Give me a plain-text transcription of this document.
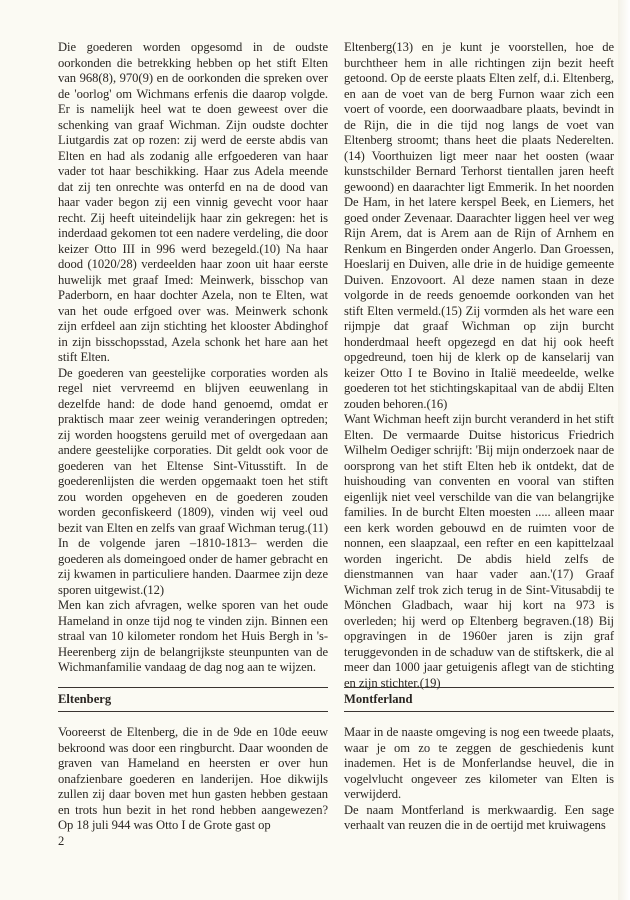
Die goederen worden opgesomd in de oudste oorkonden die betrekking hebben op het stift Elten van 968(8), 970(9) en de oorkonden die spreken over de 'oorlog' om Wichmans erfenis die daarop volgde. Er is namelijk heel wat te doen geweest over die schenking van graaf Wichman. Zijn oudste dochter Liutgardis zat op rozen: zij werd de eerste abdis van Elten en had als zodanig alle erfgoederen van haar vader tot haar beschikking. Haar zus Adela meende dat zij ten onrechte was onterfd en na de dood van haar vader begon zij een vinnig gevecht voor haar recht. Zij heeft uiteindelijk haar zin gekregen: het is inderdaad gekomen tot een nadere verdeling, die door keizer Otto III in 996 werd bezegeld.(10) Na haar dood (1020/28) verdeelden haar zoon uit haar eerste huwelijk met graaf Imed: Meinwerk, bisschop van Paderborn, en haar dochter Azela, non te Elten, wat van het oude erfgoed over was. Meinwerk schonk zijn erfdeel aan zijn stichting het klooster Abdinghof in zijn bisschopsstad, Azela schonk het hare aan het stift Elten.

De goederen van geestelijke corporaties worden als regel niet vervreemd en blijven eeuwenlang in dezelfde hand: de dode hand genoemd, omdat er praktisch maar zeer weinig veranderingen optreden; zij worden hoogstens geruild met of overgedaan aan andere geestelijke corporaties. Dit geldt ook voor de goederen van het Eltense Sint-Vitusstift. In de goederenlijsten die werden opgemaakt toen het stift zou worden opgeheven en de goederen zouden worden geconfiskeerd (1809), vinden wij veel oud bezit van Elten en zelfs van graaf Wichman terug.(11) In de volgende jaren –1810-1813– werden die goederen als domeingoed onder de hamer gebracht en zij kwamen in particuliere handen. Daarmee zijn deze sporen uitgewist.(12)

Men kan zich afvragen, welke sporen van het oude Hameland in onze tijd nog te vinden zijn. Binnen een straal van 10 kilometer rondom het Huis Bergh in 's-Heerenberg zijn de belangrijkste steunpunten van de Wichmanfamilie vandaag de dag nog aan te wijzen.

Eltenberg

Vooreerst de Eltenberg, die in de 9de en 10de eeuw bekroond was door een ringburcht. Daar woonden de graven van Hameland en heersten er over hun onafzienbare goederen en landerijen. Hoe dikwijls zullen zij daar boven met hun gasten hebben gestaan en trots hun bezit in het rond hebben aangewezen? Op 18 juli 944 was Otto I de Grote gast op

2

Eltenberg(13) en je kunt je voorstellen, hoe de burchtheer hem in alle richtingen zijn bezit heeft getoond. Op de eerste plaats Elten zelf, d.i. Eltenberg, en aan de voet van de berg Furnon waar zich een voert of voorde, een doorwaadbare plaats, bevindt in de Rijn, die in die tijd nog langs de voet van Eltenberg stroomt; thans heet die plaats Nederelten.(14) Voorthuizen ligt meer naar het oosten (waar kunstschilder Bernard Terhorst tientallen jaren heeft gewoond) en daarachter ligt Emmerik. In het noorden De Ham, in het latere kerspel Beek, en Liemers, het goed onder Zevenaar. Daarachter liggen heel ver weg Rijn Arem, dat is Arem aan de Rijn of Arnhem en Renkum en Bingerden onder Angerlo. Dan Groessen, Hoeslarij en Duiven, alle drie in de huidige gemeente Duiven. Enzovoort. Al deze namen staan in deze volgorde in de reeds genoemde oorkonden van het stift Elten vermeld.(15) Zij vormden als het ware een rijmpje dat graaf Wichman op zijn burcht honderdmaal heeft opgezegd en dat hij ook heeft opgedreund, toen hij de klerk op de kanselarij van keizer Otto I te Bovino in Italië meedeelde, welke goederen tot het stichtingskapitaal van de abdij Elten zouden behoren.(16)

Want Wichman heeft zijn burcht veranderd in het stift Elten. De vermaarde Duitse historicus Friedrich Wilhelm Oediger schrijft: 'Bij mijn onderzoek naar de oorsprong van het stift Elten heb ik ontdekt, dat de huishouding van conventen en vooral van stiften eigenlijk niet veel verschilde van die van belangrijke families. In de burcht Elten moesten ..... alleen maar een kerk worden gebouwd en de ruimten voor de nonnen, een slaapzaal, een refter en een kapittelzaal worden ingericht. De abdis hield zelfs de dienstmannen van haar vader aan.'(17) Graaf Wichman zelf trok zich terug in de Sint-Vitusabdij te Mönchen Gladbach, waar hij kort na 973 is overleden; hij werd op Eltenberg begraven.(18) Bij opgravingen in de 1960er jaren is zijn graf teruggevonden in de schaduw van de stiftskerk, die al meer dan 1000 jaar getuigenis aflegt van de stichting en zijn stichter.(19)

Montferland

Maar in de naaste omgeving is nog een tweede plaats, waar je om zo te zeggen de geschiedenis kunt inademen. Het is de Monferlandse heuvel, die in vogelvlucht ongeveer zes kilometer van Elten is verwijderd.

De naam Montferland is merkwaardig. Een sage verhaalt van reuzen die in de oertijd met kruiwagens
